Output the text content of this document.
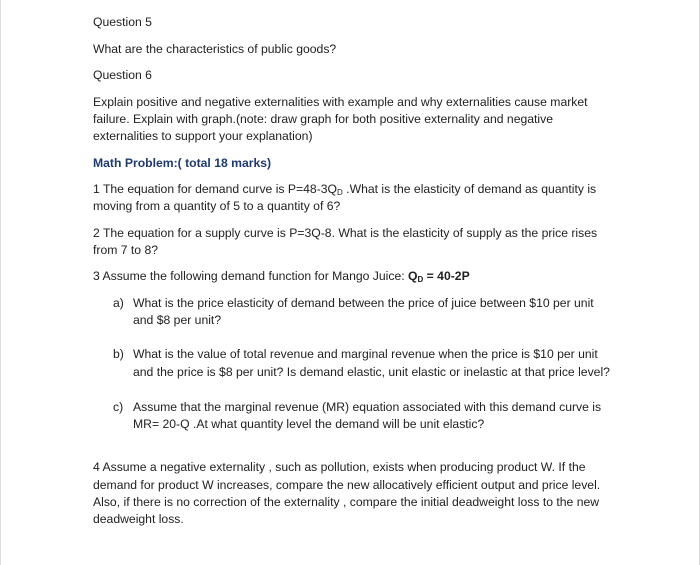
Question 5

What are the characteristics of public goods?

Question 6

Explain positive and negative externalities with example and why externalities cause market

failure. Explain with graph.(note: draw graph for both positive externality and negative

externalities to support your explanation)

Math Problem:( total 18 marks)

1 The equation for demand curve is $P=48-3Q_D$ .What is the elasticity of demand as quantity is

moving from a quantity of 5 to a quantity of 6?

2 The equation for a supply curve is P=3Q-8. What is the elasticity of supply as the price rises

from 7 to 8?

3 Assume the following demand function for Mango Juice: $Q_D = 40-2P$

a) What is the price elasticity of demand between the price of juice between $10 per unit

and $8 per unit?

b) What is the value of total revenue and marginal revenue when the price is $10 per unit

and the price is $8 per unit? Is demand elastic, unit elastic or inelastic at that price level?

c) Assume that the marginal revenue (MR) equation associated with this demand curve is

MR= 20-Q .At what quantity level the demand will be unit elastic?

4 Assume a negative externality , such as pollution, exists when producing product W. If the

demand for product W increases, compare the new allocatively efficient output and price level.

Also, if there is no correction of the externality , compare the initial deadweight loss to the new

deadweight loss.
